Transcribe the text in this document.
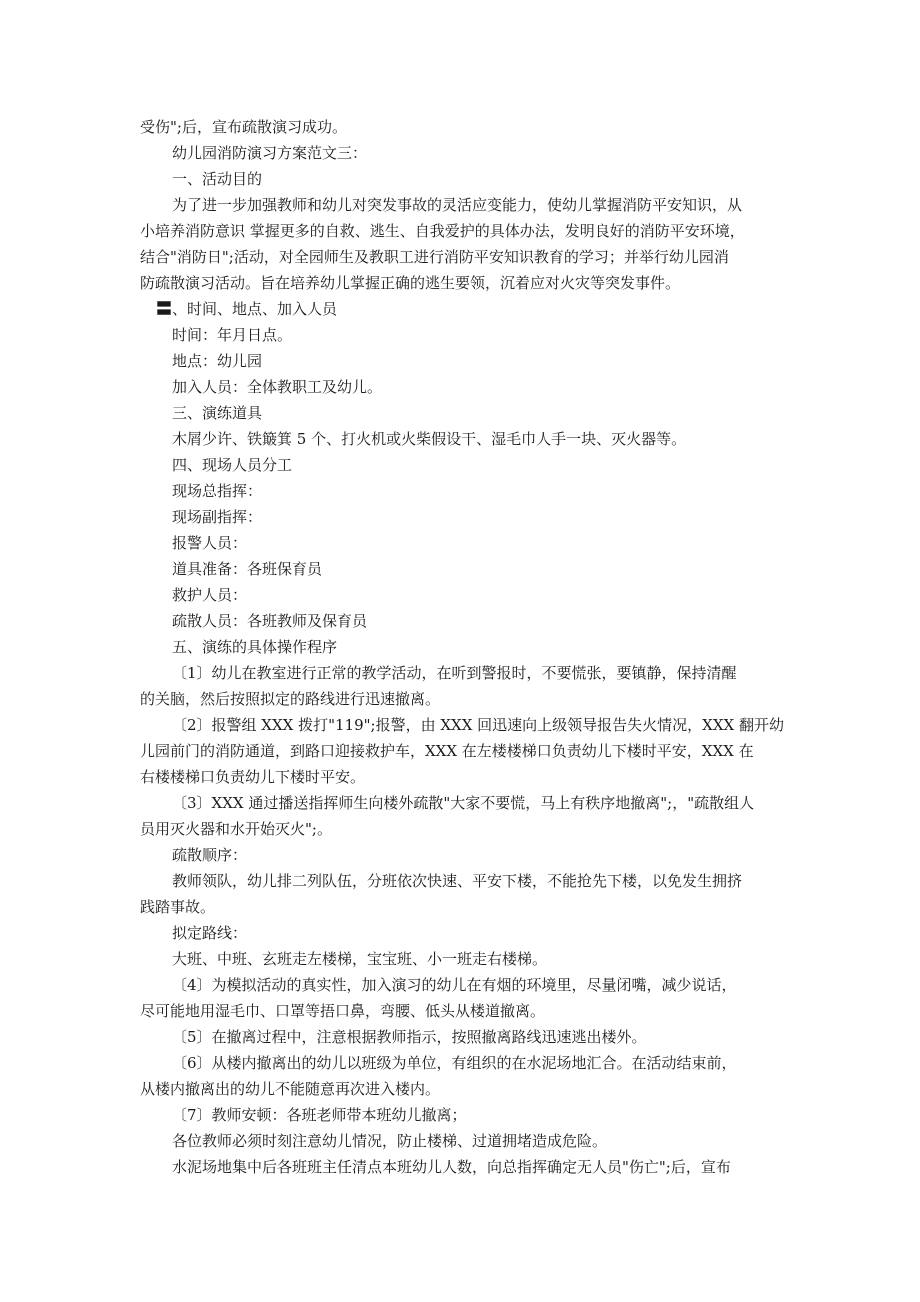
受伤";后，宣布疏散演习成功。
幼儿园消防演习方案范文三：
一、活动目的
为了进一步加强教师和幼儿对突发事故的灵活应变能力，使幼儿掌握消防平安知识，从
小培养消防意识 掌握更多的自救、逃生、自我爱护的具体办法，发明良好的消防平安环境，
结合"消防日";活动，对全园师生及教职工进行消防平安知识教育的学习；并举行幼儿园消
防疏散演习活动。旨在培养幼儿掌握正确的逃生要领，沉着应对火灾等突发事件。
〓、时间、地点、加入人员
时间：年月日点。
地点：幼儿园
加入人员：全体教职工及幼儿。
三、演练道具
木屑少许、铁簸箕 5 个、打火机或火柴假设干、湿毛巾人手一块、灭火器等。
四、现场人员分工
现场总指挥：
现场副指挥：
报警人员：
道具准备：各班保育员
救护人员：
疏散人员：各班教师及保育员
五、演练的具体操作程序
〔1〕幼儿在教室进行正常的教学活动，在听到警报时，不要慌张，要镇静，保持清醒
的关脑，然后按照拟定的路线进行迅速撤离。
〔2〕报警组 XXX 拨打"119";报警，由 XXX 回迅速向上级领导报告失火情况，XXX 翻开幼
儿园前门的消防通道，到路口迎接救护车，XXX 在左楼楼梯口负责幼儿下楼时平安，XXX 在
右楼楼梯口负责幼儿下楼时平安。
〔3〕XXX 通过播送指挥师生向楼外疏散"大家不要慌，马上有秩序地撤离";，"疏散组人
员用灭火器和水开始灭火";。
疏散顺序：
教师领队，幼儿排二列队伍，分班依次快速、平安下楼，不能抢先下楼，以免发生拥挤
践踏事故。
拟定路线：
大班、中班、玄班走左楼梯，宝宝班、小一班走右楼梯。
〔4〕为模拟活动的真实性，加入演习的幼儿在有烟的环境里，尽量闭嘴，减少说话，
尽可能地用湿毛巾、口罩等捂口鼻，弯腰、低头从楼道撤离。
〔5〕在撤离过程中，注意根据教师指示，按照撤离路线迅速逃出楼外。
〔6〕从楼内撤离出的幼儿以班级为单位，有组织的在水泥场地汇合。在活动结束前，
从楼内撤离出的幼儿不能随意再次进入楼内。
〔7〕教师安顿：各班老师带本班幼儿撤离；
各位教师必须时刻注意幼儿情况，防止楼梯、过道拥堵造成危险。
水泥场地集中后各班班主任清点本班幼儿人数，向总指挥确定无人员"伤亡";后，宣布
